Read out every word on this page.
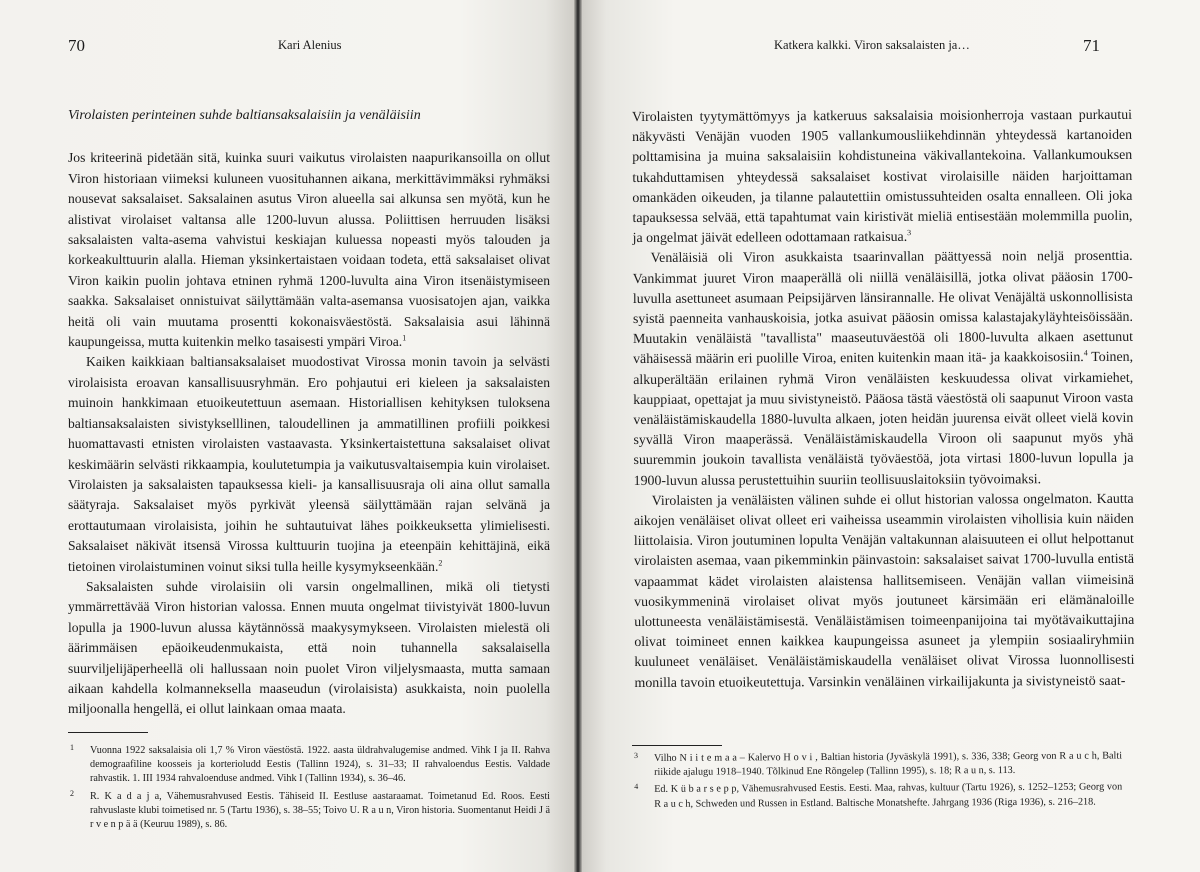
70	Kari Alenius
Virolaisten perinteinen suhde baltiansaksalaisiin ja venäläisiin

Jos kriteerinä pidetään sitä, kuinka suuri vaikutus virolaisten naapurikansoilla on ollut Viron historiaan viimeksi kuluneen vuosituhannen aikana, merkittävimmäksi ryhmäksi nousevat saksalaiset. Saksalainen asutus Viron alueella sai alkunsa sen myötä, kun he alistivat virolaiset valtansa alle 1200-luvun alussa. Poliittisen herruuden lisäksi saksalaisten valta-asema vahvistui keskiajan kuluessa nopeasti myös talouden ja korkeakulttuurin alalla. Hieman yksinkertaistaen voidaan todeta, että saksalaiset olivat Viron kaikin puolin johtava etninen ryhmä 1200-luvulta aina Viron itsenäistymiseen saakka. Saksalaiset onnistuivat säilyttämään valta-asemansa vuosisatojen ajan, vaikka heitä oli vain muutama prosentti kokonaisväestöstä. Saksalaisia asui lähinnä kaupungeissa, mutta kuitenkin melko tasaisesti ympäri Viroa.$^1$

Kaiken kaikkiaan baltiansaksalaiset muodostivat Virossa monin tavoin ja selvästi virolaisista eroavan kansallisuusryhmän. Ero pohjautui eri kieleen ja saksalaisten muinoin hankkimaan etuoikeutettuun asemaan. Historiallisen kehityksen tuloksena baltiansaksalaisten sivistykselllinen, taloudellinen ja ammatillinen profiili poikkesi huomattavasti etnisten virolaisten vastaavasta. Yksinkertaistettuna saksalaiset olivat keskimäärin selvästi rikkaampia, koulutetumpia ja vaikutusvaltaisempia kuin virolaiset. Virolaisten ja saksalaisten tapauksessa kieli- ja kansallisuusraja oli aina ollut samalla säätyraja. Saksalaiset myös pyrkivät yleensä säilyttämään rajan selvänä ja erottautumaan virolaisista, joihin he suhtautuivat lähes poikkeuksetta ylimielisesti. Saksalaiset näkivät itsensä Virossa kulttuurin tuojina ja eteenpäin kehittäjinä, eikä tietoinen virolaistuminen voinut siksi tulla heille kysymykseenkään.$^2$

Saksalaisten suhde virolaisiin oli varsin ongelmallinen, mikä oli tietysti ymmärrettävää Viron historian valossa. Ennen muuta ongelmat tiivistyivät 1800-luvun lopulla ja 1900-luvun alussa käytännössä maakysymykseen. Virolaisten mielestä oli äärimmäisen epäoikeudenmukaista, että noin tuhannella saksalaisella suurviljelijäperheellä oli hallussaan noin puolet Viron viljelysmaasta, mutta samaan aikaan kahdella kolmanneksella maaseudun (virolaisista) asukkaista, noin puolella miljoonalla hengellä, ei ollut lainkaan omaa maata.

1 Vuonna 1922 saksalaisia oli 1,7 % Viron väestöstä. 1922. aasta üldrahvalugemise andmed. Vihk I ja II. Rahva demograafiline koosseis ja korterioludd Eestis (Tallinn 1924), s. 31–33; II rahvaloendus Eestis. Valdade rahvastik. 1. III 1934 rahvaloenduse andmed. Vihk I (Tallinn 1934), s. 36–46.
2 R. K a d a j a, Vähemusrahvused Eestis. Tähiseid II. Eestluse aastaraamat. Toimetanud Ed. Roos. Eesti rahvuslaste klubi toimetised nr. 5 (Tartu 1936), s. 38–55; Toivo U. R a u n, Viron historia. Suomentanut Heidi J ä r v e n p ä ä (Keuruu 1989), s. 86.
Katkera kalkki. Viron saksalaisten ja…	71

Virolaisten tyytymättömyys ja katkeruus saksalaisia moisionherroja vastaan purkautui näkyvästi Venäjän vuoden 1905 vallankumousliikehdinnän yhteydessä kartanoiden polttamisina ja muina saksalaisiin kohdistuneina väkivallantekoina. Vallankumouksen tukahduttamisen yhteydessä saksalaiset kostivat virolaisille näiden harjoittaman omankäden oikeuden, ja tilanne palautettiin omistussuhteiden osalta ennalleen. Oli joka tapauksessa selvää, että tapahtumat vain kiristivät mieliä entisestään molemmilla puolin, ja ongelmat jäivät edelleen odottamaan ratkaisua.$^3$

Venäläisiä oli Viron asukkaista tsaarinvallan päättyessä noin neljä prosenttia. Vankimmat juuret Viron maaperällä oli niillä venäläisillä, jotka olivat pääosin 1700-luvulla asettuneet asumaan Peipsijärven länsirannalle. He olivat Venäjältä uskonnollisista syistä paenneita vanhauskoisia, jotka asuivat pääosin omissa kalastajakyläyhteisöissään. Muutakin venäläistä "tavallista" maaseutuväestöä oli 1800-luvulta alkaen asettunut vähäisessä määrin eri puolille Viroa, eniten kuitenkin maan itä- ja kaakkoisosiin.$^4$ Toinen, alkuperältään erilainen ryhmä Viron venäläisten keskuudessa olivat virkamiehet, kauppiaat, opettajat ja muu sivistyneistö. Pääosa tästä väestöstä oli saapunut Viroon vasta venäläistämiskaudella 1880-luvulta alkaen, joten heidän juurensa eivät olleet vielä kovin syvällä Viron maaperässä. Venäläistämiskaudella Viroon oli saapunut myös yhä suuremmin joukoin tavallista venäläistä työväestöä, jota virtasi 1800-luvun lopulla ja 1900-luvun alussa perustettuihin suuriin teollisuuslaitoksiin työvoimaksi.

Virolaisten ja venäläisten välinen suhde ei ollut historian valossa ongelmaton. Kautta aikojen venäläiset olivat olleet eri vaiheissa useammin virolaisten vihollisia kuin näiden liittolaisia. Viron joutuminen lopulta Venäjän valtakunnan alaisuuteen ei ollut helpottanut virolaisten asemaa, vaan pikemminkin päinvastoin: saksalaiset saivat 1700-luvulla entistä vapaammat kädet virolaisten alaistensa hallitsemiseen. Venäjän vallan viimeisinä vuosikymmeninä virolaiset olivat myös joutuneet kärsimään eri elämänaloille ulottuneesta venäläistämisestä. Venäläistämisen toimeenpanijoina tai myötävaikuttajina olivat toimineet ennen kaikkea kaupungeissa asuneet ja ylempiin sosiaaliryhmiin kuuluneet venäläiset. Venäläistämiskaudella venäläiset olivat Virossa luonnollisesti monilla tavoin etuoikeutettuja. Varsinkin venäläinen virkailijakunta ja sivistyneistö saat-

3 Vilho N i i t e m a a – Kalervo H o v i , Baltian historia (Jyväskylä 1991), s. 336, 338; Georg von R a u c h, Balti riikide ajalugu 1918–1940. Tõlkinud Ene Rõngelep (Tallinn 1995), s. 18; R a u n, s. 113.
4 Ed. K ü b a r s e p p, Vähemusrahvused Eestis. Eesti. Maa, rahvas, kultuur (Tartu 1926), s. 1252–1253; Georg von R a u c h, Schweden und Russen in Estland. Baltische Monatshefte. Jahrgang 1936 (Riga 1936), s. 216–218.
